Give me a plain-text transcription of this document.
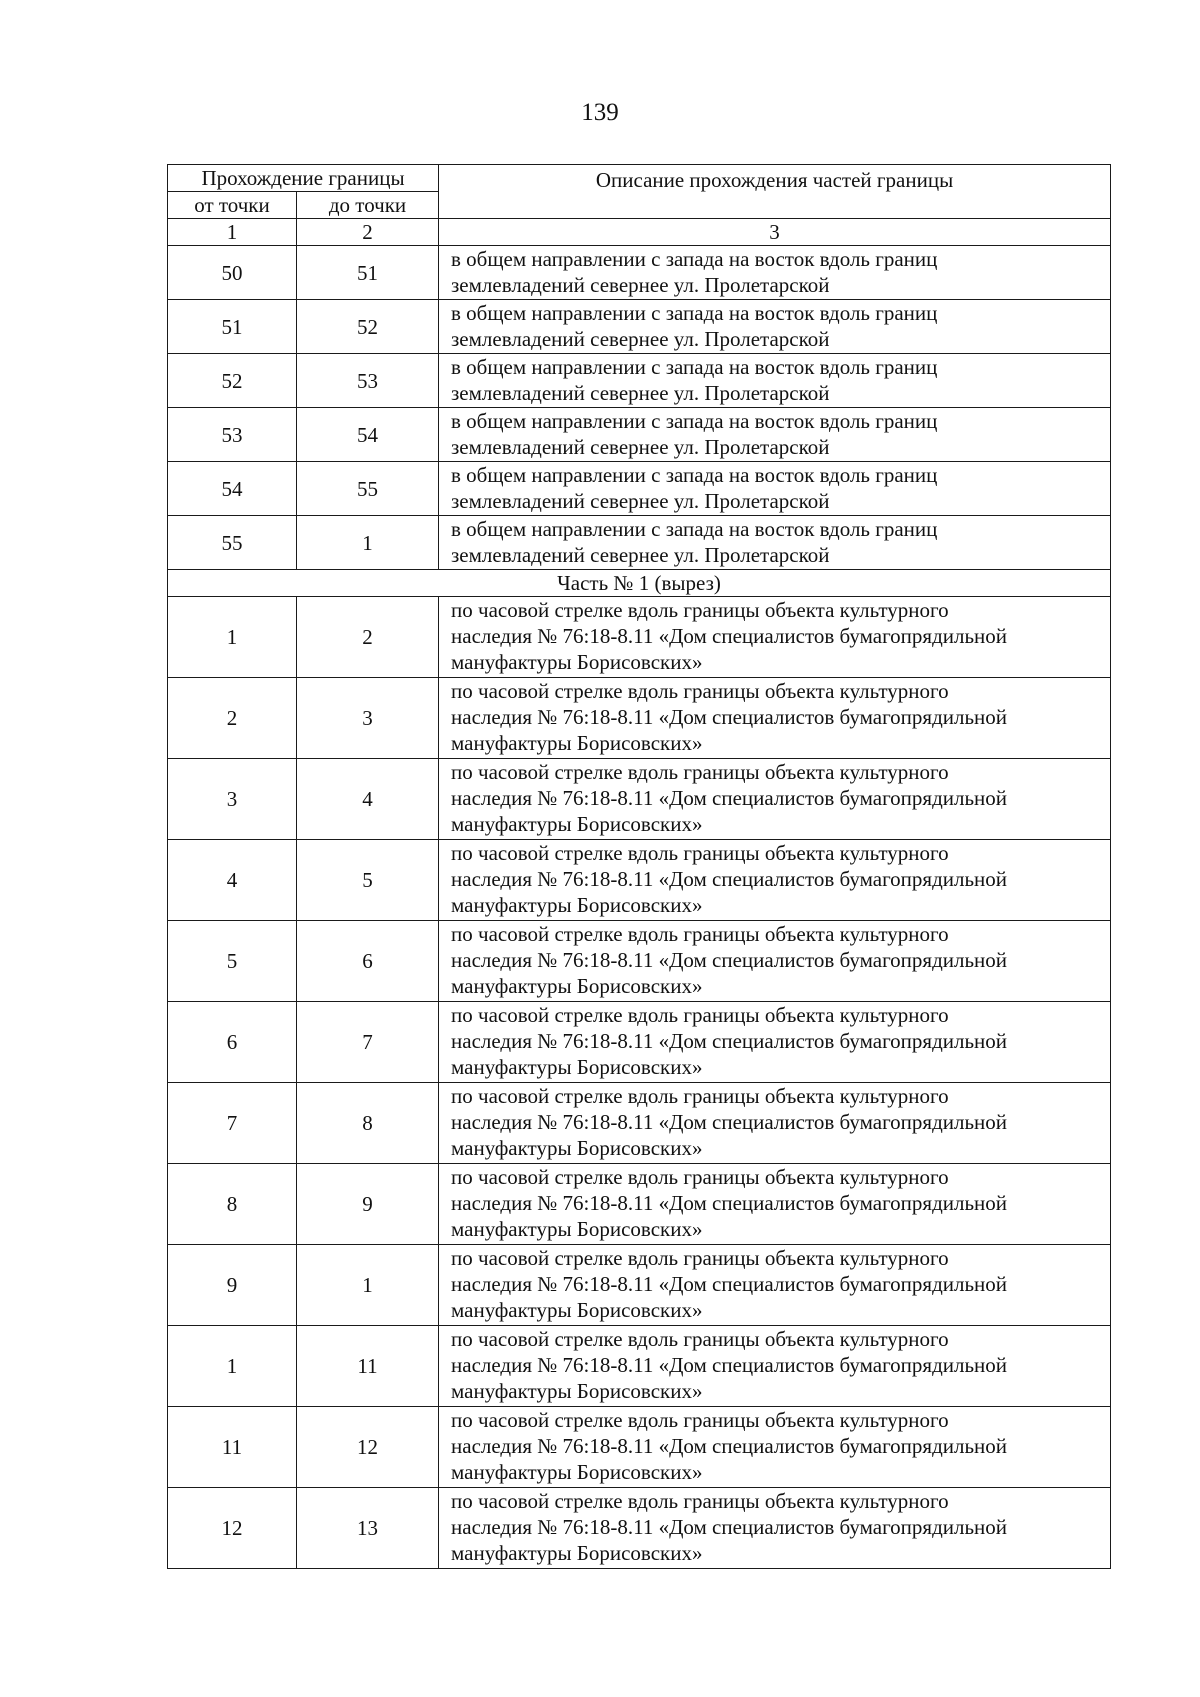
139
Прохождение границы		Описание прохождения частей границы
от точки	до точки	
1	2	3
50	51	в общем направлении с запада на восток вдоль границ
землевладений севернее ул. Пролетарской

51	52	в общем направлении с запада на восток вдоль границ
землевладений севернее ул. Пролетарской

52	53	в общем направлении с запада на восток вдоль границ
землевладений севернее ул. Пролетарской

53	54	в общем направлении с запада на восток вдоль границ
землевладений севернее ул. Пролетарской

54	55	в общем направлении с запада на восток вдоль границ
землевладений севернее ул. Пролетарской

55	1	в общем направлении с запада на восток вдоль границ
землевладений севернее ул. Пролетарской

Часть № 1 (вырез)		
1	2	по часовой стрелке вдоль границы объекта культурного
наследия № 76:18-8.11 «Дом специалистов бумагопрядильной
мануфактуры Борисовских»

2	3	по часовой стрелке вдоль границы объекта культурного
наследия № 76:18-8.11 «Дом специалистов бумагопрядильной
мануфактуры Борисовских»

3	4	по часовой стрелке вдоль границы объекта культурного
наследия № 76:18-8.11 «Дом специалистов бумагопрядильной
мануфактуры Борисовских»

4	5	по часовой стрелке вдоль границы объекта культурного
наследия № 76:18-8.11 «Дом специалистов бумагопрядильной
мануфактуры Борисовских»

5	6	по часовой стрелке вдоль границы объекта культурного
наследия № 76:18-8.11 «Дом специалистов бумагопрядильной
мануфактуры Борисовских»

6	7	по часовой стрелке вдоль границы объекта культурного
наследия № 76:18-8.11 «Дом специалистов бумагопрядильной
мануфактуры Борисовских»

7	8	по часовой стрелке вдоль границы объекта культурного
наследия № 76:18-8.11 «Дом специалистов бумагопрядильной
мануфактуры Борисовских»

8	9	по часовой стрелке вдоль границы объекта культурного
наследия № 76:18-8.11 «Дом специалистов бумагопрядильной
мануфактуры Борисовских»

9	1	по часовой стрелке вдоль границы объекта культурного
наследия № 76:18-8.11 «Дом специалистов бумагопрядильной
мануфактуры Борисовских»

1	11	по часовой стрелке вдоль границы объекта культурного
наследия № 76:18-8.11 «Дом специалистов бумагопрядильной
мануфактуры Борисовских»

11	12	по часовой стрелке вдоль границы объекта культурного
наследия № 76:18-8.11 «Дом специалистов бумагопрядильной
мануфактуры Борисовских»

12	13	по часовой стрелке вдоль границы объекта культурного
наследия № 76:18-8.11 «Дом специалистов бумагопрядильной
мануфактуры Борисовских»
